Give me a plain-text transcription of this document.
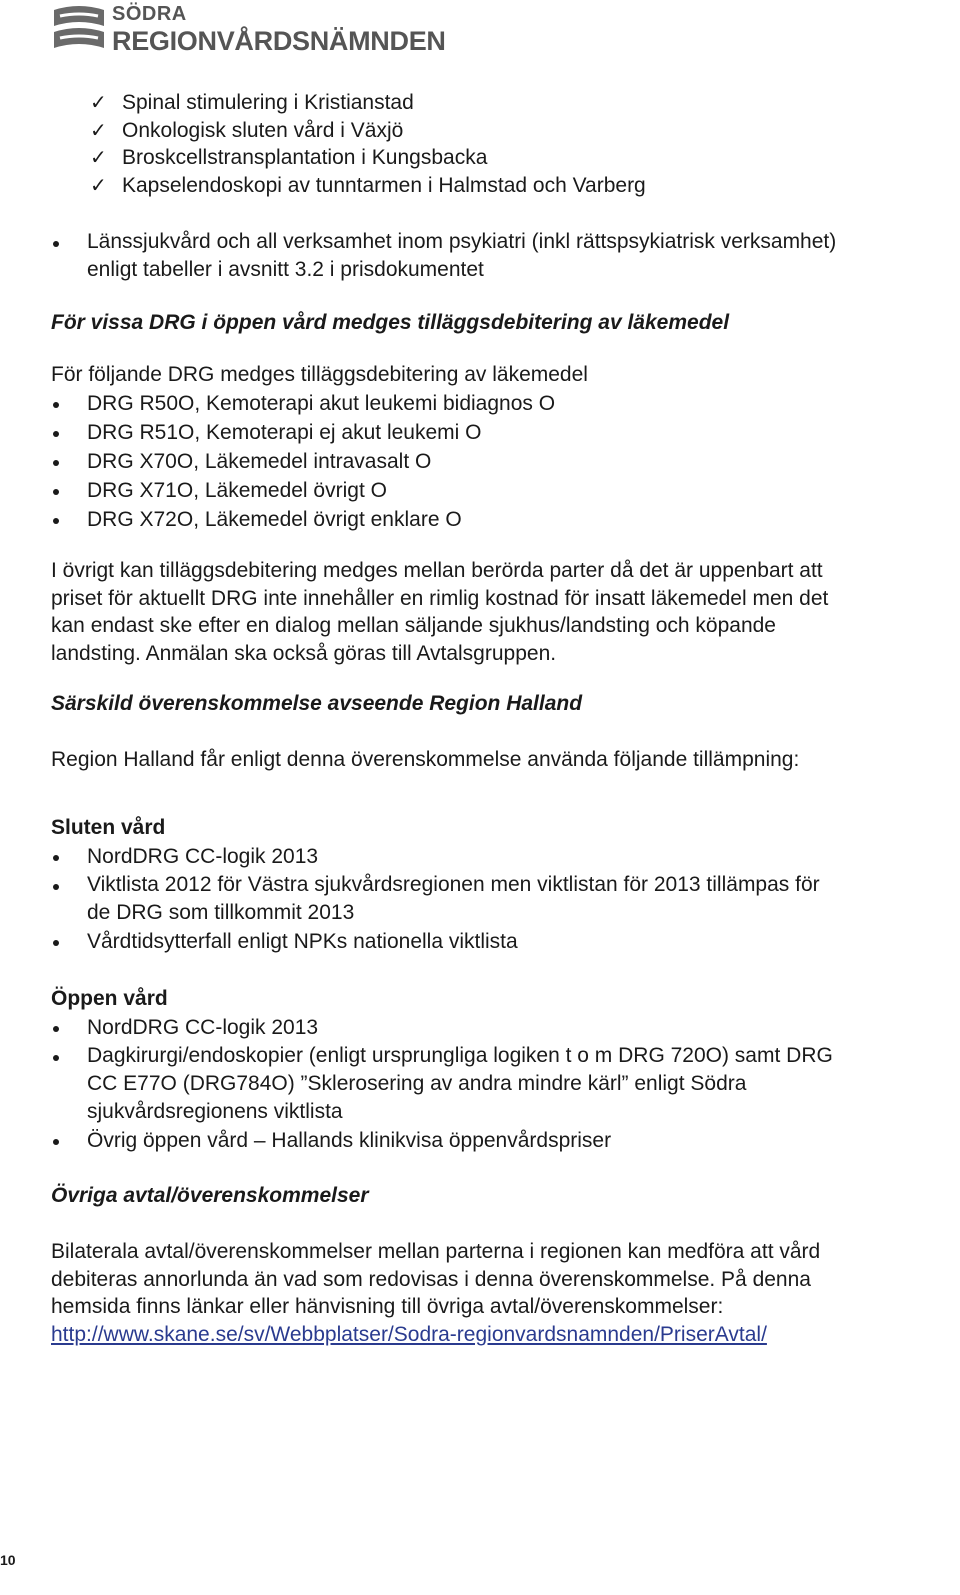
SÖDRA
REGIONVÅRDSNÄMNDEN
✓ Spinal stimulering i Kristianstad
✓ Onkologisk sluten vård i Växjö
✓ Broskcellstransplantation i Kungsbacka
✓ Kapselendoskopi av tunntarmen i Halmstad och Varberg
Länssjukvård och all verksamhet inom psykiatri (inkl rättspsykiatrisk verksamhet)
enligt tabeller i avsnitt 3.2 i prisdokumentet
För vissa DRG i öppen vård medges tilläggsdebitering av läkemedel
För följande DRG medges tilläggsdebitering av läkemedel
DRG R50O, Kemoterapi akut leukemi bidiagnos O
DRG R51O, Kemoterapi ej akut leukemi O
DRG X70O, Läkemedel intravasalt O
DRG X71O, Läkemedel övrigt O
DRG X72O, Läkemedel övrigt enklare O
I övrigt kan tilläggsdebitering medges mellan berörda parter då det är uppenbart att
priset för aktuellt DRG inte innehåller en rimlig kostnad för insatt läkemedel men det
kan endast ske efter en dialog mellan säljande sjukhus/landsting och köpande
landsting. Anmälan ska också göras till Avtalsgruppen.
Särskild överenskommelse avseende Region Halland
Region Halland får enligt denna överenskommelse använda följande tillämpning:
Sluten vård
NordDRG CC-logik 2013
Viktlista 2012 för Västra sjukvårdsregionen men viktlistan för 2013 tillämpas för
de DRG som tillkommit 2013
Vårdtidsytterfall enligt NPKs nationella viktlista
Öppen vård
NordDRG CC-logik 2013
Dagkirurgi/endoskopier (enligt ursprungliga logiken t o m DRG 720O) samt DRG
CC E77O (DRG784O) ”Sklerosering av andra mindre kärl” enligt Södra
sjukvårdsregionens viktlista
Övrig öppen vård – Hallands klinikvisa öppenvårdspriser
Övriga avtal/överenskommelser
Bilaterala avtal/överenskommelser mellan parterna i regionen kan medföra att vård
debiteras annorlunda än vad som redovisas i denna överenskommelse. På denna
hemsida finns länkar eller hänvisning till övriga avtal/överenskommelser:
http://www.skane.se/sv/Webbplatser/Sodra-regionvardsnamnden/PriserAvtal/
10
